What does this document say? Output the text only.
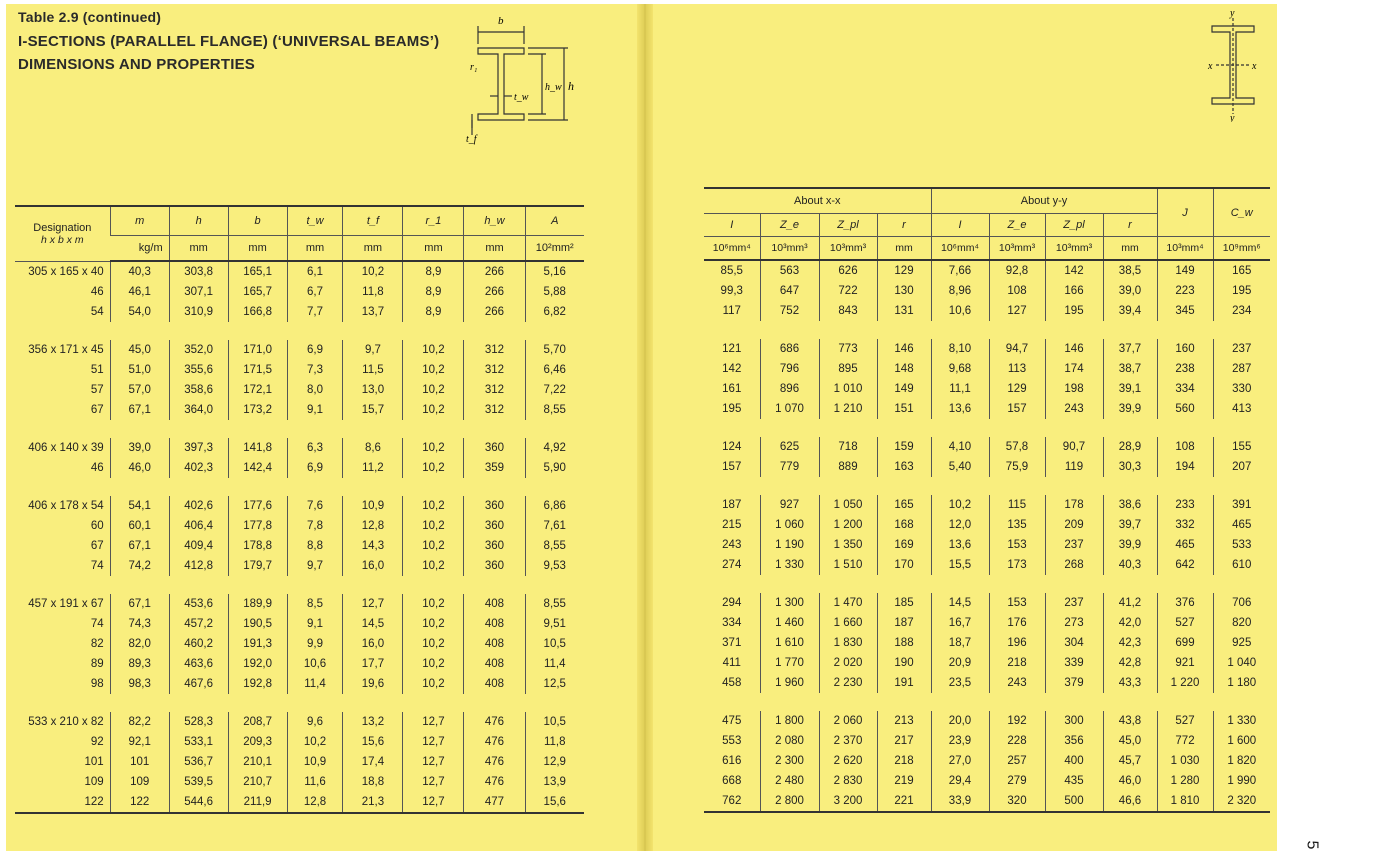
Table 2.9 (continued)
I-SECTIONS (PARALLEL FLANGE) (‘UNIVERSAL BEAMS’)
DIMENSIONS AND PROPERTIES
b
r₁
t_w
h_w h
t_f
y
x	x
y
Designation
h x b x m	m	h	b	t_w	t_f	r_1	h_w	A
	kg/m	mm	mm	mm	mm	mm	mm	10²mm²
305 x 165 x 40	40,3	303,8	165,1	6,1	10,2	8,9	266	5,16
46	46,1	307,1	165,7	6,7	11,8	8,9	266	5,88
54	54,0	310,9	166,8	7,7	13,7	8,9	266	6,82

356 x 171 x 45	45,0	352,0	171,0	6,9	9,7	10,2	312	5,70
51	51,0	355,6	171,5	7,3	11,5	10,2	312	6,46
57	57,0	358,6	172,1	8,0	13,0	10,2	312	7,22
67	67,1	364,0	173,2	9,1	15,7	10,2	312	8,55

406 x 140 x 39	39,0	397,3	141,8	6,3	8,6	10,2	360	4,92
46	46,0	402,3	142,4	6,9	11,2	10,2	359	5,90

406 x 178 x 54	54,1	402,6	177,6	7,6	10,9	10,2	360	6,86
60	60,1	406,4	177,8	7,8	12,8	10,2	360	7,61
67	67,1	409,4	178,8	8,8	14,3	10,2	360	8,55
74	74,2	412,8	179,7	9,7	16,0	10,2	360	9,53

457 x 191 x 67	67,1	453,6	189,9	8,5	12,7	10,2	408	8,55
74	74,3	457,2	190,5	9,1	14,5	10,2	408	9,51
82	82,0	460,2	191,3	9,9	16,0	10,2	408	10,5
89	89,3	463,6	192,0	10,6	17,7	10,2	408	11,4
98	98,3	467,6	192,8	11,4	19,6	10,2	408	12,5

533 x 210 x 82	82,2	528,3	208,7	9,6	13,2	12,7	476	10,5
92	92,1	533,1	209,3	10,2	15,6	12,7	476	11,8
101	101	536,7	210,1	10,9	17,4	12,7	476	12,9
109	109	539,5	210,7	11,6	18,8	12,7	476	13,9
122	122	544,6	211,9	12,8	21,3	12,7	477	15,6
About x-x				About y-y				J	C_w
I	Z_e	Z_pl	r	I	Z_e	Z_pl	r		
10⁶mm⁴	10³mm³	10³mm³	mm	10⁶mm⁴	10³mm³	10³mm³	mm	10³mm⁴	10⁹mm⁶
85,5	563	626	129	7,66	92,8	142	38,5	149	165
99,3	647	722	130	8,96	108	166	39,0	223	195
117	752	843	131	10,6	127	195	39,4	345	234

121	686	773	146	8,10	94,7	146	37,7	160	237
142	796	895	148	9,68	113	174	38,7	238	287
161	896	1 010	149	11,1	129	198	39,1	334	330
195	1 070	1 210	151	13,6	157	243	39,9	560	413

124	625	718	159	4,10	57,8	90,7	28,9	108	155
157	779	889	163	5,40	75,9	119	30,3	194	207

187	927	1 050	165	10,2	115	178	38,6	233	391
215	1 060	1 200	168	12,0	135	209	39,7	332	465
243	1 190	1 350	169	13,6	153	237	39,9	465	533
274	1 330	1 510	170	15,5	173	268	40,3	642	610

294	1 300	1 470	185	14,5	153	237	41,2	376	706
334	1 460	1 660	187	16,7	176	273	42,0	527	820
371	1 610	1 830	188	18,7	196	304	42,3	699	925
411	1 770	2 020	190	20,9	218	339	42,8	921	1 040
458	1 960	2 230	191	23,5	243	379	43,3	1 220	1 180

475	1 800	2 060	213	20,0	192	300	43,8	527	1 330
553	2 080	2 370	217	23,9	228	356	45,0	772	1 600
616	2 300	2 620	218	27,0	257	400	45,7	1 030	1 820
668	2 480	2 830	219	29,4	279	435	46,0	1 280	1 990
762	2 800	3 200	221	33,9	320	500	46,6	1 810	2 320
5
